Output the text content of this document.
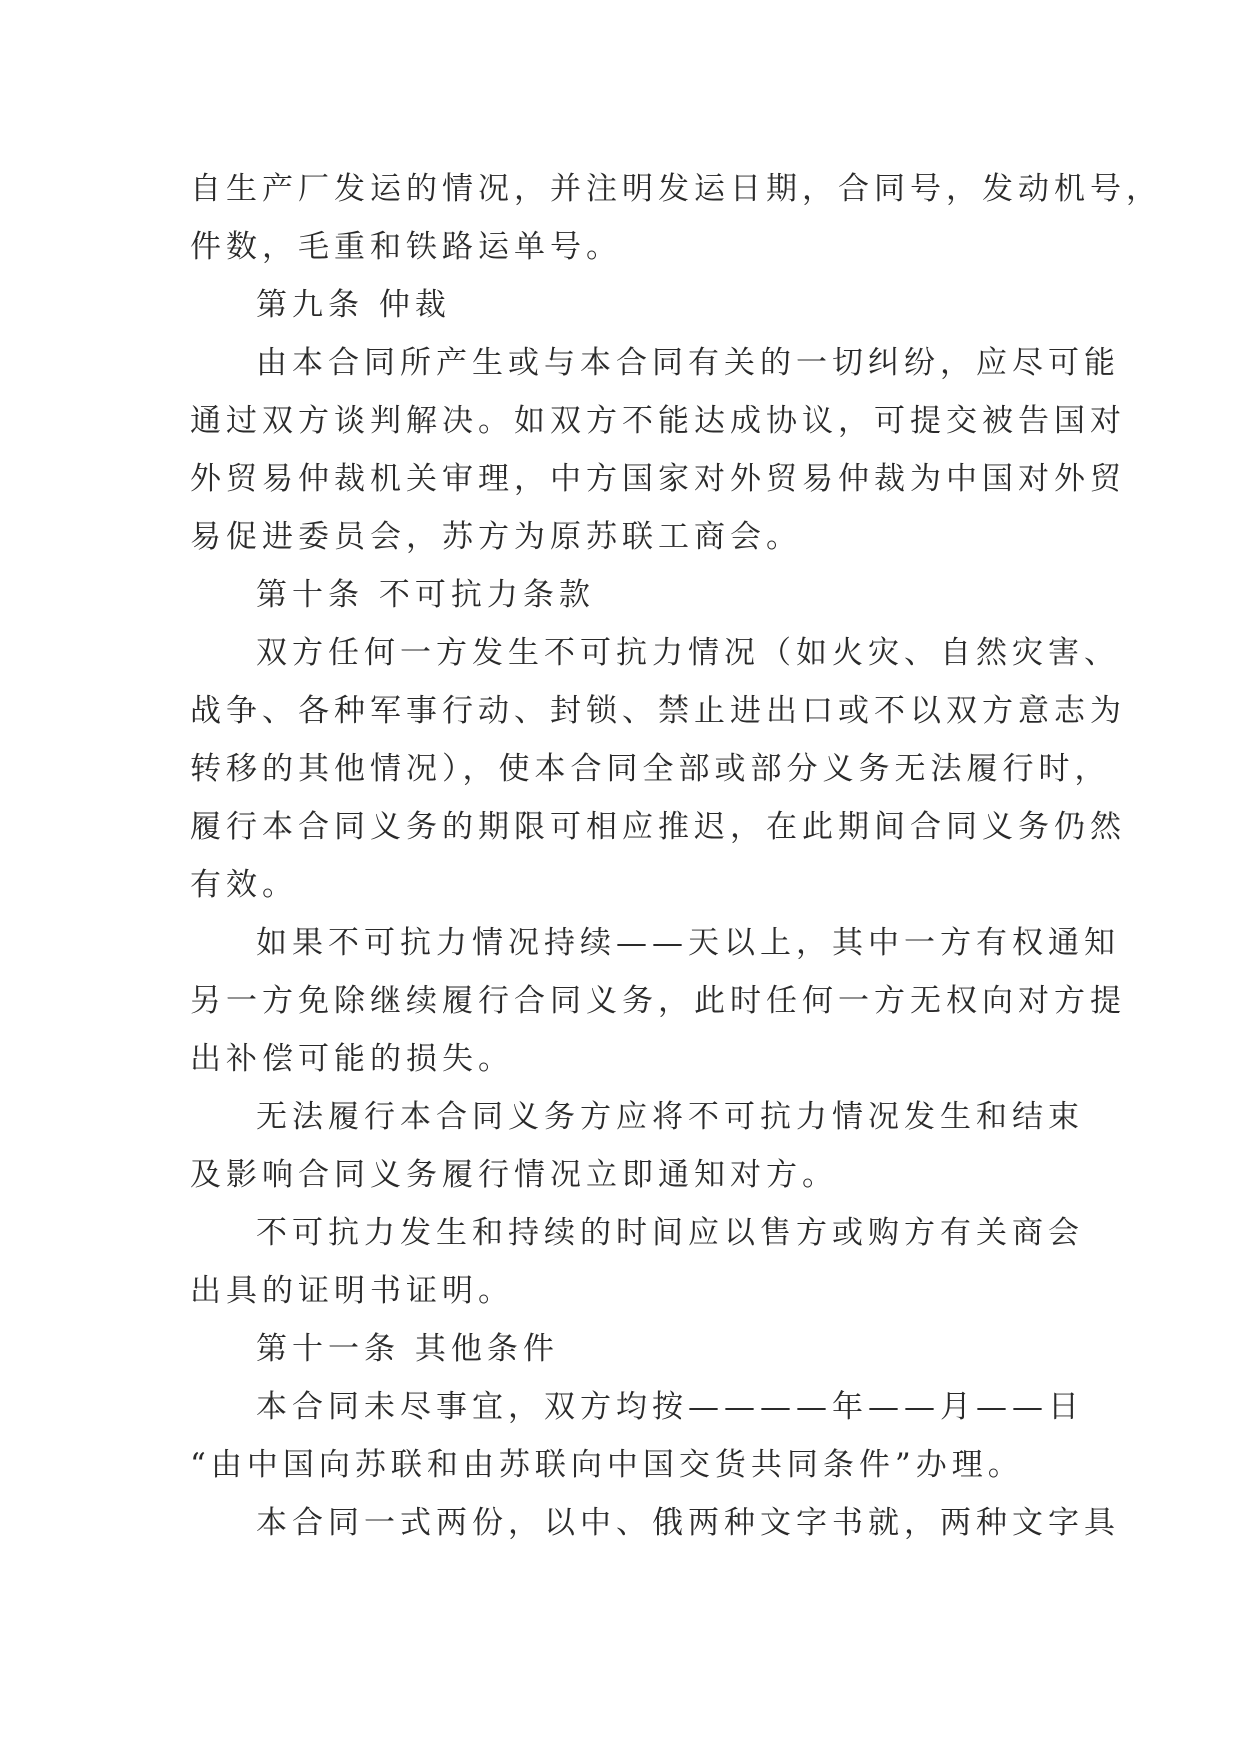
自生产厂发运的情况，并注明发运日期，合同号，发动机号，
件数，毛重和铁路运单号。
第九条 仲裁
由本合同所产生或与本合同有关的一切纠纷，应尽可能
通过双方谈判解决。如双方不能达成协议，可提交被告国对
外贸易仲裁机关审理，中方国家对外贸易仲裁为中国对外贸
易促进委员会，苏方为原苏联工商会。
第十条 不可抗力条款
双方任何一方发生不可抗力情况（如火灾、自然灾害、
战争、各种军事行动、封锁、禁止进出口或不以双方意志为
转移的其他情况），使本合同全部或部分义务无法履行时，
履行本合同义务的期限可相应推迟，在此期间合同义务仍然
有效。
如果不可抗力情况持续——天以上，其中一方有权通知
另一方免除继续履行合同义务，此时任何一方无权向对方提
出补偿可能的损失。
无法履行本合同义务方应将不可抗力情况发生和结束
及影响合同义务履行情况立即通知对方。
不可抗力发生和持续的时间应以售方或购方有关商会
出具的证明书证明。
第十一条 其他条件
本合同未尽事宜，双方均按————年——月——日
“由中国向苏联和由苏联向中国交货共同条件”办理。
本合同一式两份，以中、俄两种文字书就，两种文字具
